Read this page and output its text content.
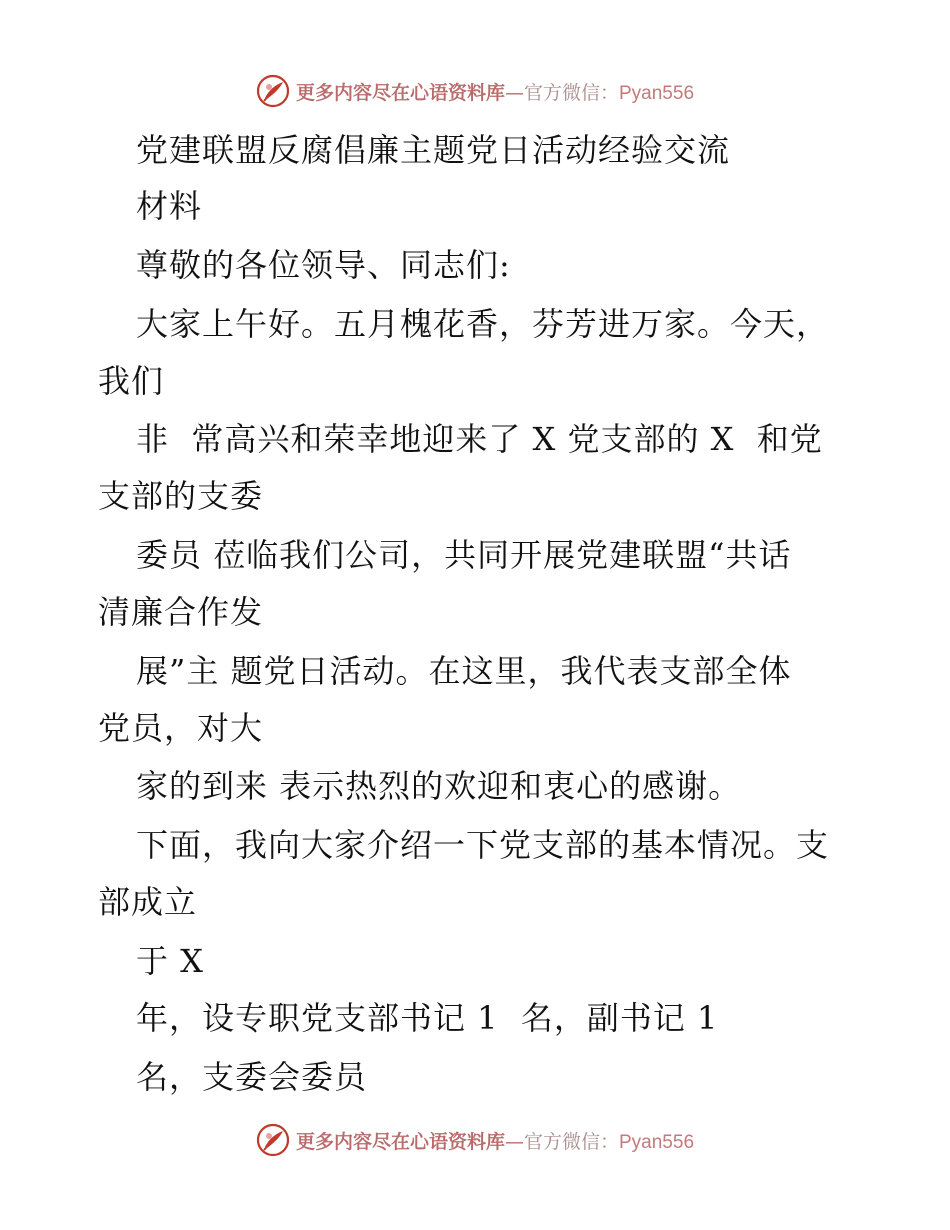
更多内容尽在心语资料库—官方微信：Pyan556
党建联盟反腐倡廉主题党日活动经验交流
材料
尊敬的各位领导、同志们:
大家上午好。五月槐花香，芬芳进万家。今天，
我们
非  常高兴和荣幸地迎来了 X 党支部的 X  和党
支部的支委
委员 莅临我们公司，共同开展党建联盟“共话
清廉合作发
展”主 题党日活动。在这里，我代表支部全体
党员，对大
家的到来 表示热烈的欢迎和衷心的感谢。
下面，我向大家介绍一下党支部的基本情况。支
部成立
于 X
年，设专职党支部书记 1  名，副书记 1
名，支委会委员
更多内容尽在心语资料库—官方微信：Pyan556
